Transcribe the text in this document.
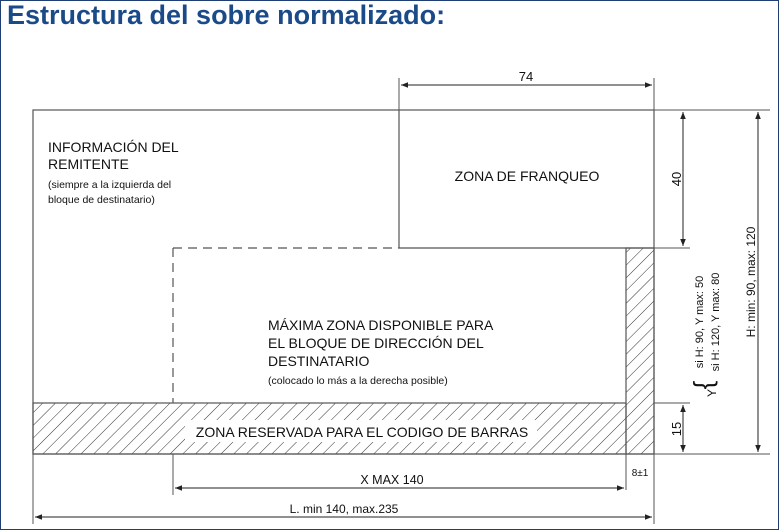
Estructura del sobre normalizado:
INFORMACIÓN DEL
REMITENTE
(siempre a la izquierda del
bloque de destinatario)
ZONA DE FRANQUEO
MÁXIMA ZONA DISPONIBLE PARA
EL BLOQUE DE DIRECCIÓN DEL
DESTINATARIO
(colocado lo más a la derecha posible)
ZONA RESERVADA PARA EL CODIGO DE BARRAS
74
40
15
{
Y
si H: 90, Y max: 50 si H: 120, Y max: 80 H: min: 90, max: 120
8±1
X MAX 140
L. min 140, max.235
